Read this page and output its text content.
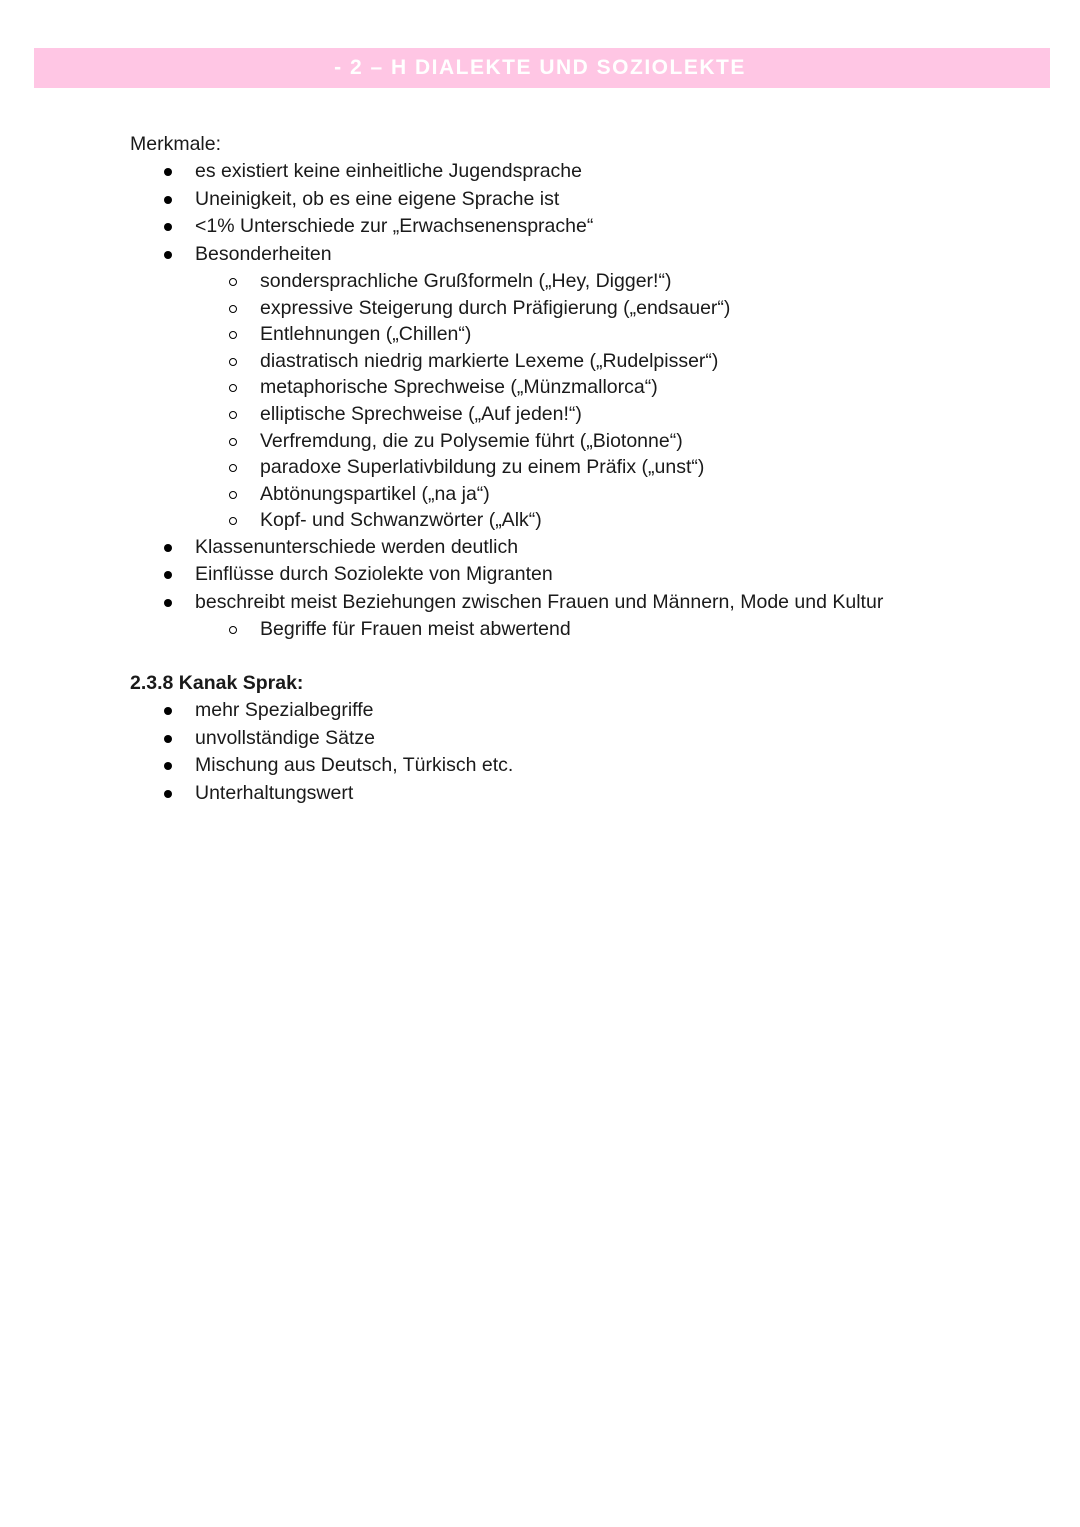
- 2 – H DIALEKTE UND SOZIOLEKTE
Merkmale:
es existiert keine einheitliche Jugendsprache
Uneinigkeit, ob es eine eigene Sprache ist
<1% Unterschiede zur „Erwachsenensprache“
Besonderheiten
sondersprachliche Grußformeln („Hey, Digger!“)
expressive Steigerung durch Präfigierung („endsauer“)
Entlehnungen („Chillen“)
diastratisch niedrig markierte Lexeme („Rudelpisser“)
metaphorische Sprechweise („Münzmallorca“)
elliptische Sprechweise („Auf jeden!“)
Verfremdung, die zu Polysemie führt („Biotonne“)
paradoxe Superlativbildung zu einem Präfix („unst“)
Abtönungspartikel („na ja“)
Kopf- und Schwanzwörter („Alk“)
Klassenunterschiede werden deutlich
Einflüsse durch Soziolekte von Migranten
beschreibt meist Beziehungen zwischen Frauen und Männern, Mode und Kultur
Begriffe für Frauen meist abwertend
2.3.8 Kanak Sprak:
mehr Spezialbegriffe
unvollständige Sätze
Mischung aus Deutsch, Türkisch etc.
Unterhaltungswert
